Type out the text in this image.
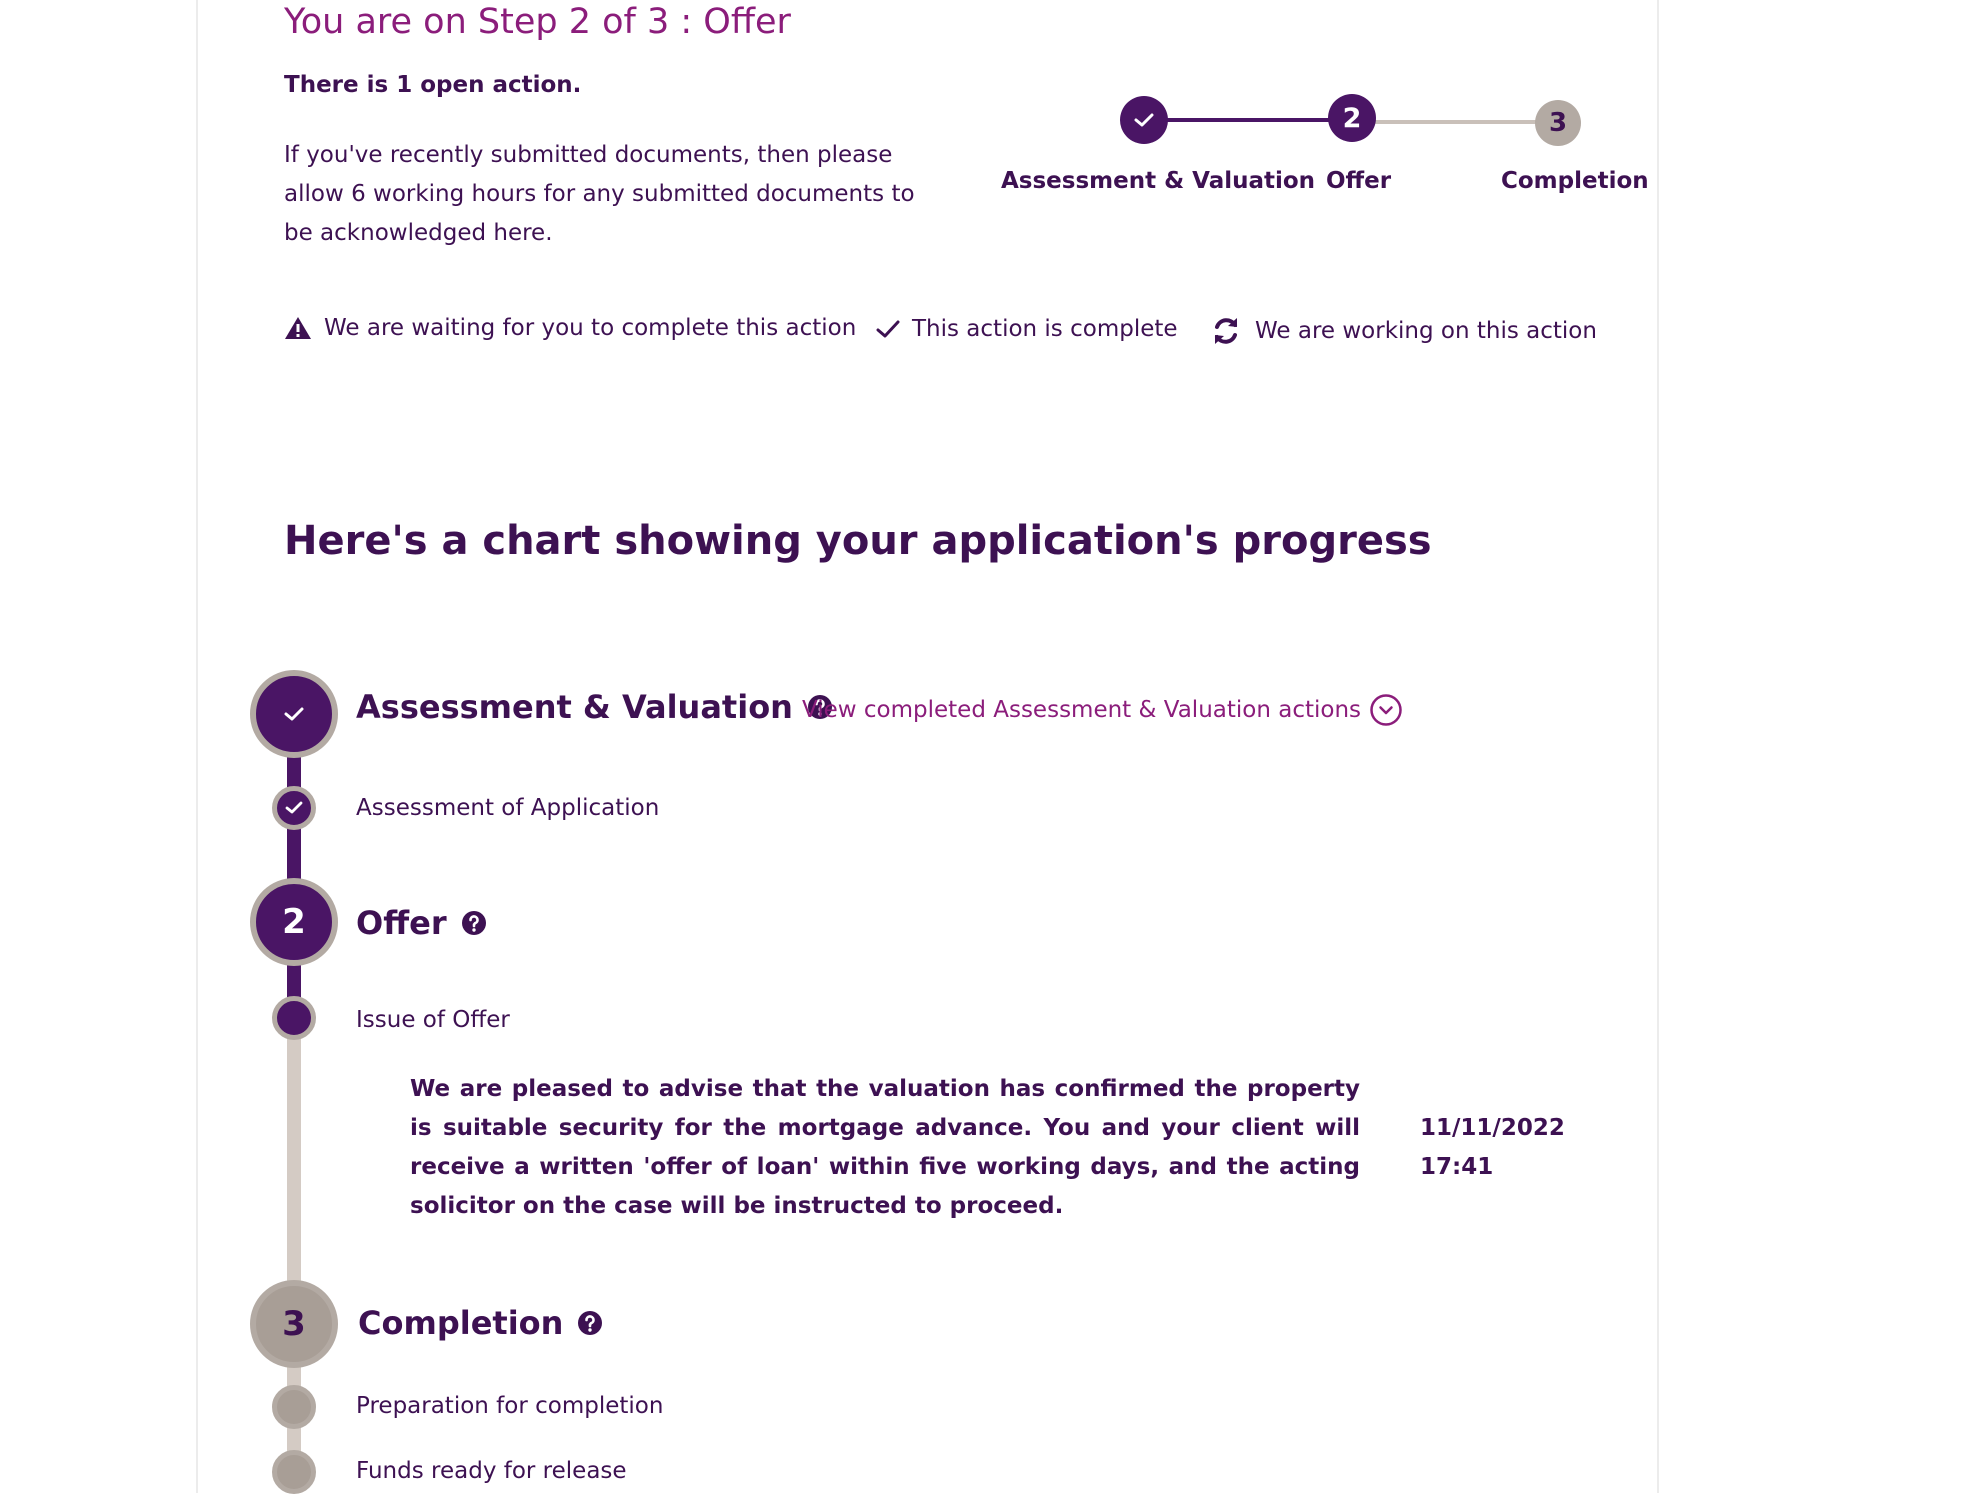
You are on Step 2 of 3 : Offer
There is 1 open action.
If you've recently submitted documents, then please allow 6 working hours for any submitted documents to be acknowledged here.
2	3
Assessment & Valuation Offer	Completion
We are waiting for you to complete this action This action is complete	We are working on this action
Here's a chart showing your application's progress
Assessment & Valuation View completed Assessment & Valuation actions
Assessment of Application
2 Offer
Issue of Offer
We are pleased to advise that the valuation has confirmed the property is suitable security for the mortgage advance. You and your client will receive a written 'offer of loan' within five working days, and the acting solicitor on the case will be instructed to proceed.
11/11/2022
17:41
3 Completion
Preparation for completion
Funds ready for release
